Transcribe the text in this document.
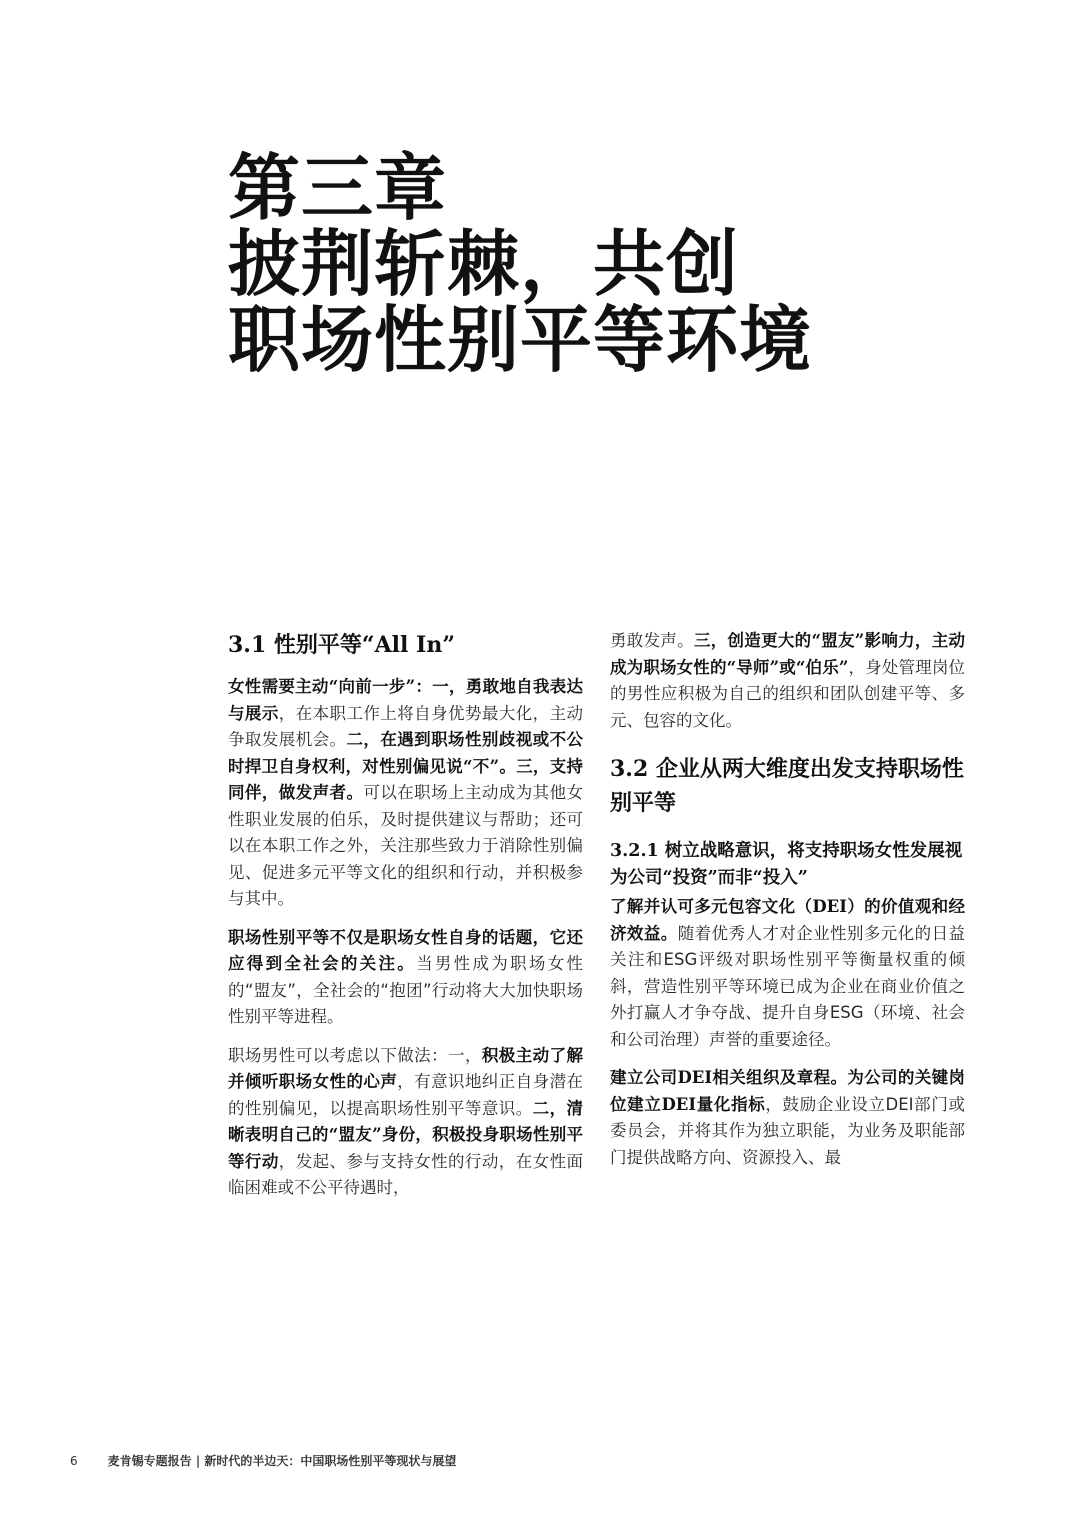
第三章
披荆斩棘，共创
职场性别平等环境
3.1 性别平等“All In”

女性需要主动“向前一步”：一，勇敢地自我表达与展示，在本职工作上将自身优势最大化，主动争取发展机会。二，在遇到职场性别歧视或不公时捍卫自身权利，对性别偏见说“不”。三，支持同伴，做发声者。可以在职场上主动成为其他女性职业发展的伯乐，及时提供建议与帮助；还可以在本职工作之外，关注那些致力于消除性别偏见、促进多元平等文化的组织和行动，并积极参与其中。

职场性别平等不仅是职场女性自身的话题，它还应得到全社会的关注。当男性成为职场女性的“盟友”，全社会的“抱团”行动将大大加快职场性别平等进程。

职场男性可以考虑以下做法：一，积极主动了解并倾听职场女性的心声，有意识地纠正自身潜在的性别偏见，以提高职场性别平等意识。二，清晰表明自己的“盟友”身份，积极投身职场性别平等行动，发起、参与支持女性的行动，在女性面临困难或不公平待遇时，

勇敢发声。三，创造更大的“盟友”影响力，主动成为职场女性的“导师”或“伯乐”，身处管理岗位的男性应积极为自己的组织和团队创建平等、多元、包容的文化。

3.2 企业从两大维度出发支持职场性别平等
3.2.1 树立战略意识，将支持职场女性发展视为公司“投资”而非“投入”

了解并认可多元包容文化（DEI）的价值观和经济效益。随着优秀人才对企业性别多元化的日益关注和ESG评级对职场性别平等衡量权重的倾斜，营造性别平等环境已成为企业在商业价值之外打赢人才争夺战、提升自身ESG（环境、社会和公司治理）声誉的重要途径。

建立公司DEI相关组织及章程。为公司的关键岗位建立DEI量化指标，鼓励企业设立DEI部门或委员会，并将其作为独立职能，为业务及职能部门提供战略方向、资源投入、最

6	麦肯锡专题报告 | 新时代的半边天：中国职场性别平等现状与展望
